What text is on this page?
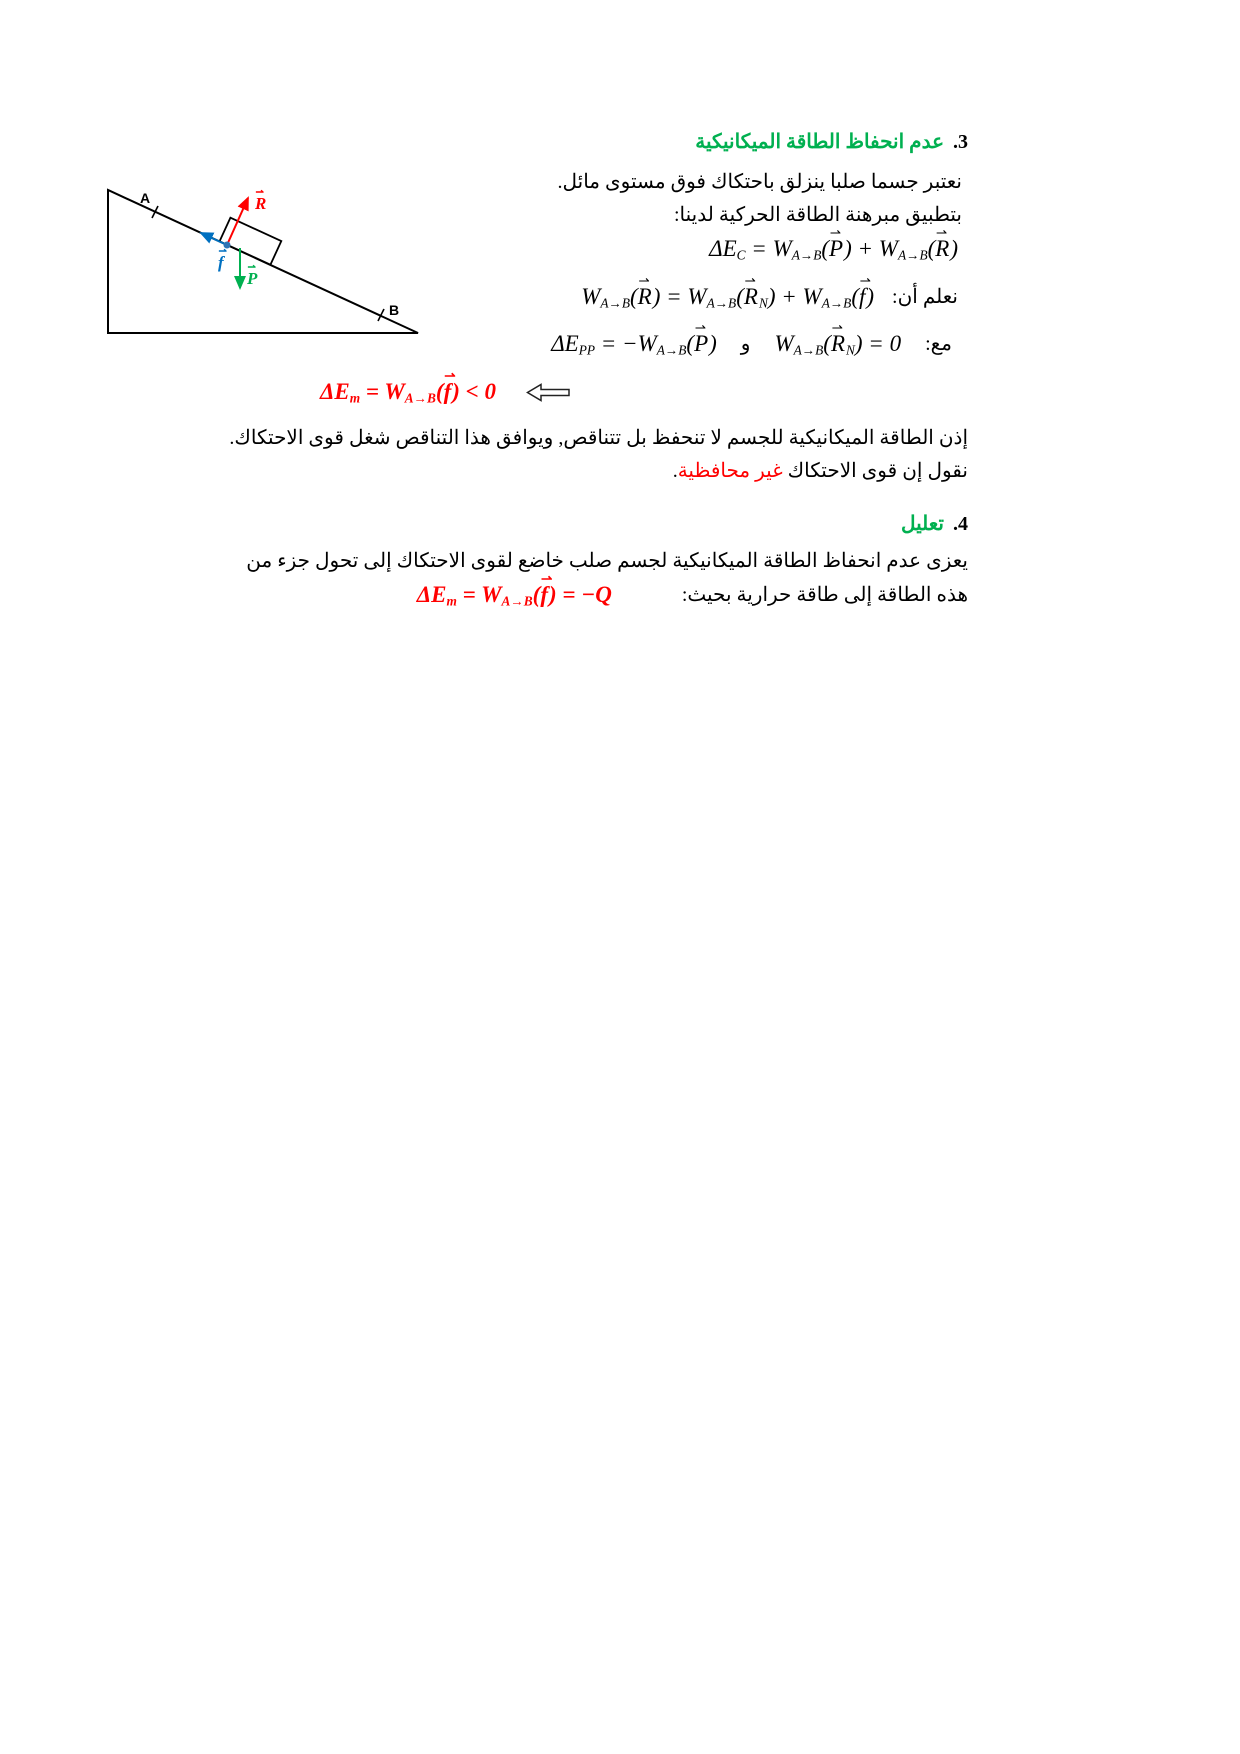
3.عدم انحفاظ الطاقة الميكانيكية
نعتبر جسما صلبا ينزلق باحتكاك فوق مستوى مائل.
بتطبيق مبرهنة الطاقة الحركية لدينا:
A
B
R ⇀
f ⇀
P ⇀
ΔEC = WA→B(P ⇀) + WA→B(R ⇀)
نعلم أن:
WA→B(R ⇀) = WA→B(R ⇀N) + WA→B(f ⇀)
مع:
WA→B(R ⇀N) = 0
و
ΔEPP = −WA→B(P ⇀)
ΔEm = WA→B(f ⇀) < 0
إذن الطاقة الميكانيكية للجسم لا تنحفظ بل تتناقص, ويوافق هذا التناقص شغل قوى الاحتكاك.
نقول إن قوى الاحتكاك غير محافظية.
4.تعليل
يعزى عدم انحفاظ الطاقة الميكانيكية لجسم صلب خاضع لقوى الاحتكاك إلى تحول جزء من
هذه الطاقة إلى طاقة حرارية بحيث:
ΔEm = WA→B(f ⇀) = −Q
